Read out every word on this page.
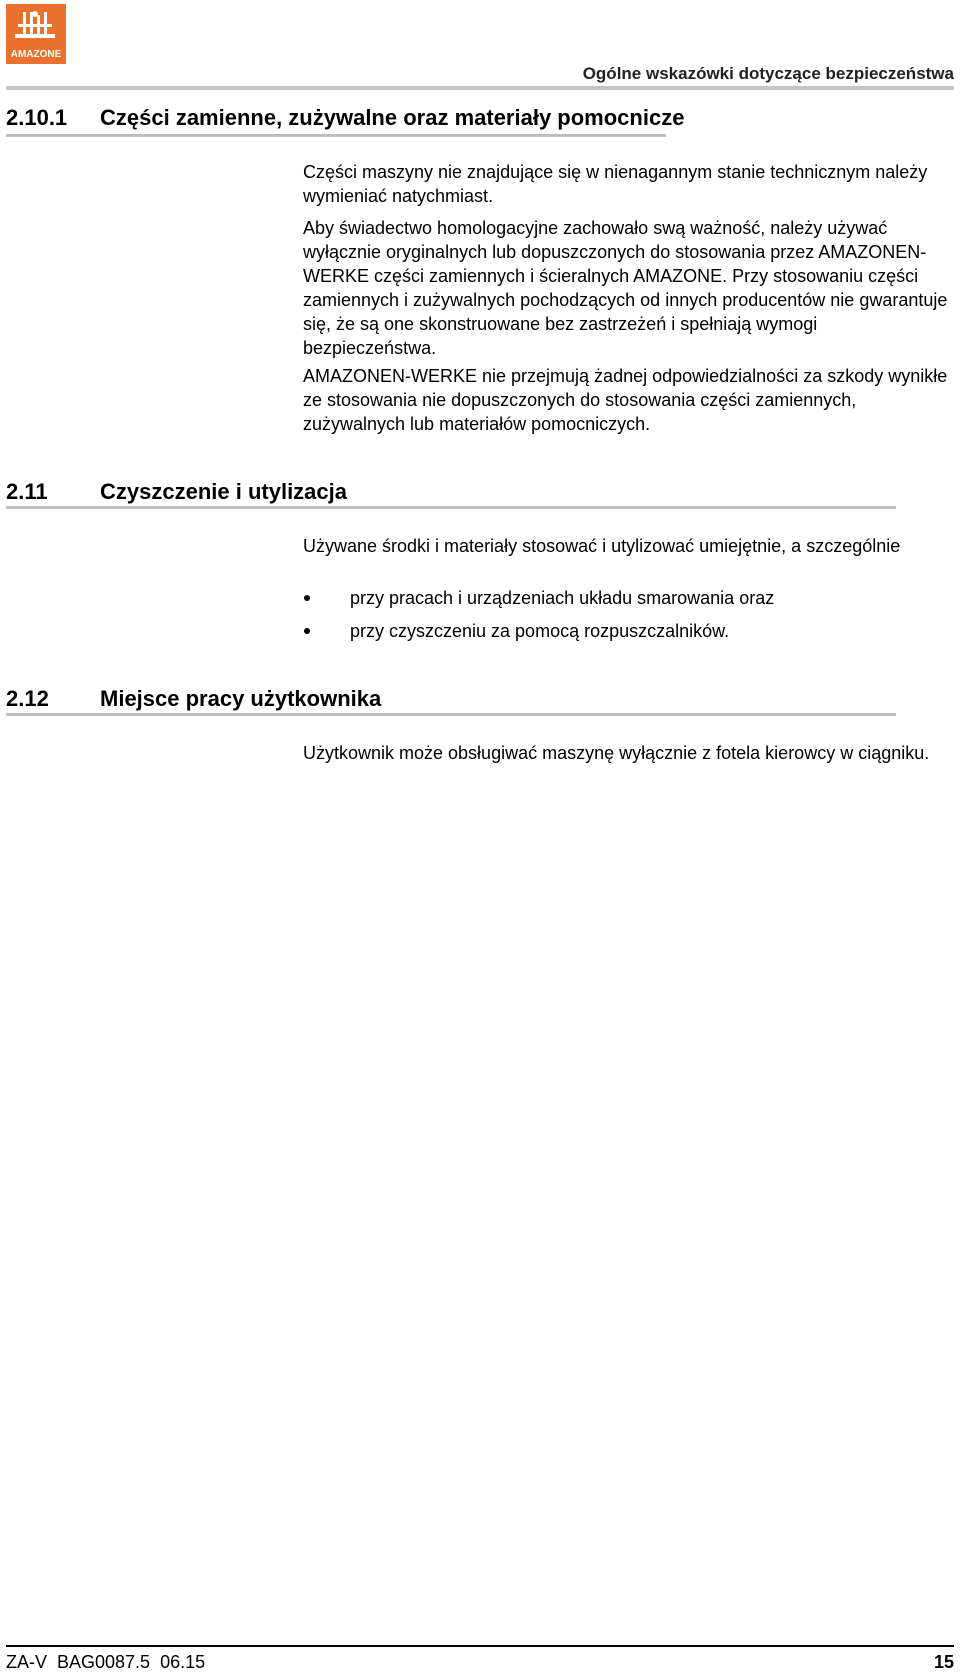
AMAZONE
Ogólne wskazówki dotyczące bezpieczeństwa
2.10.1 Części zamienne, zużywalne oraz materiały pomocnicze

Części maszyny nie znajdujące się w nienagannym stanie technicznym należy wymieniać natychmiast.

Aby świadectwo homologacyjne zachowało swą ważność, należy używać wyłącznie oryginalnych lub dopuszczonych do stosowania przez AMAZONEN-WERKE części zamiennych i ścieralnych AMAZONE. Przy stosowaniu części zamiennych i zużywalnych pochodzących od innych producentów nie gwarantuje się, że są one skonstruowane bez zastrzeżeń i spełniają wymogi bezpieczeństwa.

AMAZONEN-WERKE nie przejmują żadnej odpowiedzialności za szkody wynikłe ze stosowania nie dopuszczonych do stosowania części zamiennych, zużywalnych lub materiałów pomocniczych.

2.11 Czyszczenie i utylizacja

Używane środki i materiały stosować i utylizować umiejętnie, a szczególnie

przy pracach i urządzeniach układu smarowania oraz
przy czyszczeniu za pomocą rozpuszczalników.
2.12 Miejsce pracy użytkownika

Użytkownik może obsługiwać maszynę wyłącznie z fotela kierowcy w ciągniku.

ZA-V  BAG0087.5  06.15	15
